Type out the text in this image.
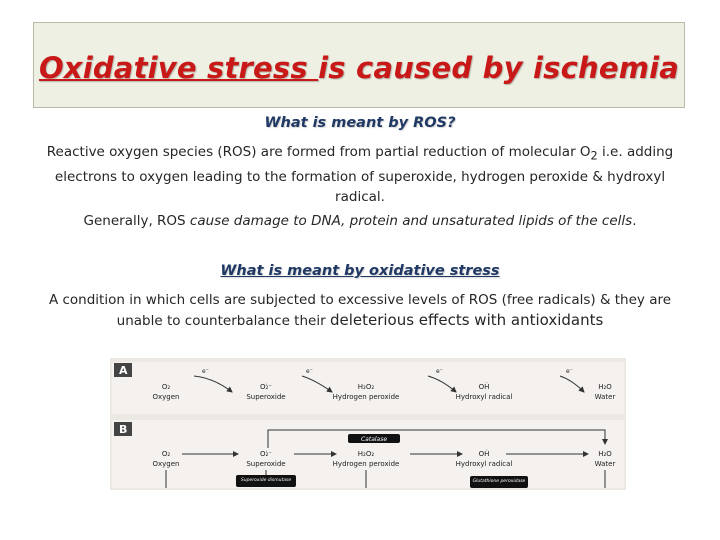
Oxidative stress is caused by ischemia
What is meant by ROS?
Reactive oxygen species (ROS) are formed from partial reduction of molecular $O_2$ i.e. adding electrons to oxygen leading to the formation of superoxide, hydrogen peroxide & hydroxyl radical.
Generally, ROS cause damage to DNA, protein and unsaturated lipids of the cells.
What is meant by oxidative stress
A condition in which cells are subjected to excessive levels of ROS (free radicals) & they are unable to counterbalance their deleterious effects with antioxidants
A
O₂
Oxygen
O₂̇⁻
Superoxide
H₂O₂
Hydrogen peroxide
OḢ
Hydroxyl radical
H₂O
Water
e⁻	e⁻	e⁻	e⁻
B
Catalase
O₂
Oxygen
O₂̇⁻
Superoxide
H₂O₂
Hydrogen peroxide
OḢ
Hydroxyl radical
H₂O
Water
Superoxide dismutase	Glutathione peroxidase
